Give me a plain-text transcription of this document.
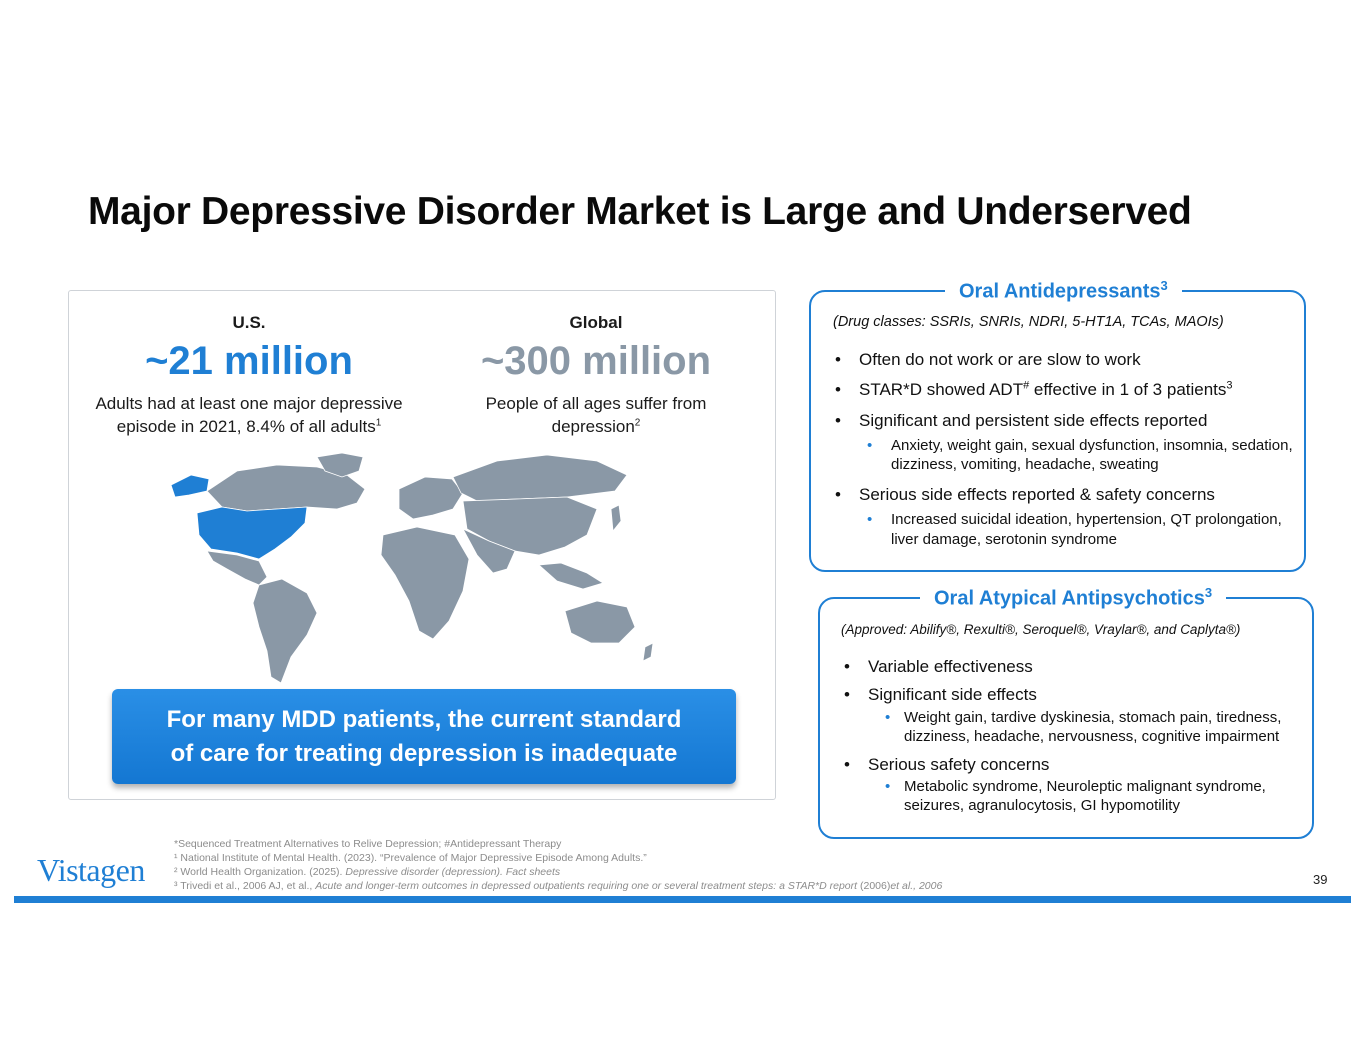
Major Depressive Disorder Market is Large and Underserved
U.S.
~21 million
Adults had at least one major depressive
episode in 2021, 8.4% of all adults$^1$
Global
~300 million
People of all ages suffer from
depression$^2$
For many MDD patients, the current standard
of care for treating depression is inadequate
Oral Antidepressants$^3$
(Drug classes: SSRIs, SNRIs, NDRI, 5-HT1A, TCAs, MAOIs)
• Often do not work or are slow to work
• STAR*D showed ADT# effective in 1 of 3 patients$^3$
• Significant and persistent side effects reported
• Anxiety, weight gain, sexual dysfunction, insomnia, sedation, dizziness, vomiting, headache, sweating
• Serious side effects reported & safety concerns
• Increased suicidal ideation, hypertension, QT prolongation, liver damage, serotonin syndrome
Oral Atypical Antipsychotics$^3$
(Approved: Abilify®, Rexulti®, Seroquel®, Vraylar®, and Caplyta®)
• Variable effectiveness
• Significant side effects
• Weight gain, tardive dyskinesia, stomach pain, tiredness, dizziness, headache, nervousness, cognitive impairment
• Serious safety concerns
• Metabolic syndrome, Neuroleptic malignant syndrome, seizures, agranulocytosis, GI hypomotility
Vistagen
*Sequenced Treatment Alternatives to Relive Depression; #Antidepressant Therapy
¹ National Institute of Mental Health. (2023). “Prevalence of Major Depressive Episode Among Adults.”
² World Health Organization. (2025). Depressive disorder (depression). Fact sheets
³ Trivedi et al., 2006 AJ, et al., Acute and longer-term outcomes in depressed outpatients requiring one or several treatment steps: a STAR*D report (2006)et al., 2006	39
